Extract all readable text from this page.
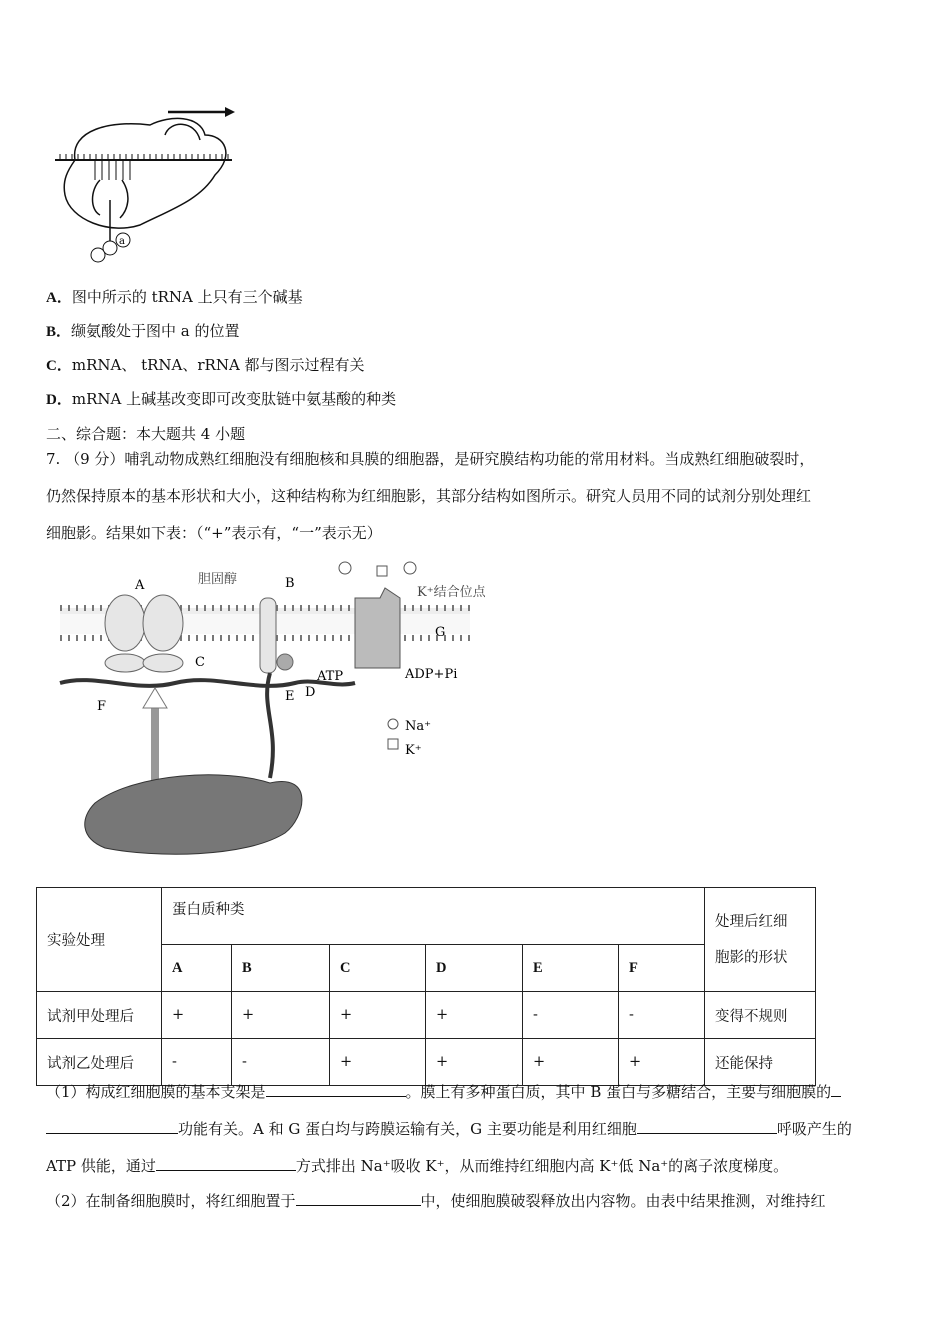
a
A．图中所示的 tRNA 上只有三个碱基
B．缬氨酸处于图中 a 的位置
C．mRNA、 tRNA、rRNA 都与图示过程有关
D．mRNA 上碱基改变即可改变肽链中氨基酸的种类
二、综合题：本大题共 4 小题
7. （9 分）哺乳动物成熟红细胞没有细胞核和具膜的细胞器，是研究膜结构功能的常用材料。当成熟红细胞破裂时，
仍然保持原本的基本形状和大小，这种结构称为红细胞影，其部分结构如图所示。研究人员用不同的试剂分别处理红
细胞影。结果如下表：（“+”表示有，“一”表示无）
A	胆固醇	B
K⁺结合位点
G
C
ATP	ADP+Pi
E D
F
Na⁺
K⁺
实验处理	蛋白质种类						处理后红细
胞影的形状
	A	B	C	D	E	F	
试剂甲处理后	+	+	+	+	-	-	变得不规则
试剂乙处理后	-	-	+	+	+	+	还能保持
（1）构成红细胞膜的基本支架是	。膜上有多种蛋白质，其中 B 蛋白与多糖结合，主要与细胞膜的
功能有关。A 和 G 蛋白均与跨膜运输有关，G 主要功能是利用红细胞	呼吸产生的
ATP 供能，通过	方式排出 Na⁺吸收 K⁺，从而维持红细胞内高 K⁺低 Na⁺的离子浓度梯度。
（2）在制备细胞膜时，将红细胞置于	中，使细胞膜破裂释放出内容物。由表中结果推测，对维持红
